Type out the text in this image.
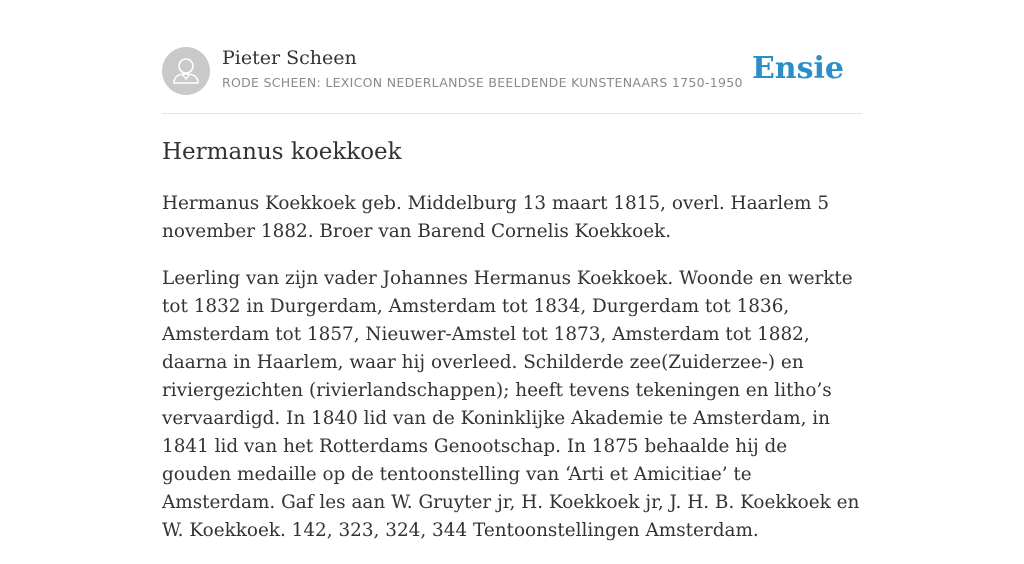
Pieter Scheen
RODE SCHEEN: LEXICON NEDERLANDSE BEELDENDE KUNSTENAARS 1750-1950 Ensie
Hermanus koekkoek

Hermanus Koekkoek geb. Middelburg 13 maart 1815, overl. Haarlem 5 november 1882. Broer van Barend Cornelis Koekkoek.

Leerling van zijn vader Johannes Hermanus Koekkoek. Woonde en werkte tot 1832 in Durgerdam, Amsterdam tot 1834, Durgerdam tot 1836, Amsterdam tot 1857, Nieuwer-Amstel tot 1873, Amsterdam tot 1882, daarna in Haarlem, waar hij overleed. Schilderde zee(Zuiderzee-) en riviergezichten (rivierlandschappen); heeft tevens tekeningen en litho’s vervaardigd. In 1840 lid van de Koninklijke Akademie te Amsterdam, in 1841 lid van het Rotterdams Genootschap. In 1875 behaalde hij de gouden medaille op de tentoonstelling van ‘Arti et Amicitiae’ te Amsterdam. Gaf les aan W. Gruyter jr, H. Koekkoek jr, J. H. B. Koekkoek en W. Koekkoek. 142, 323, 324, 344 Tentoonstellingen Amsterdam.
